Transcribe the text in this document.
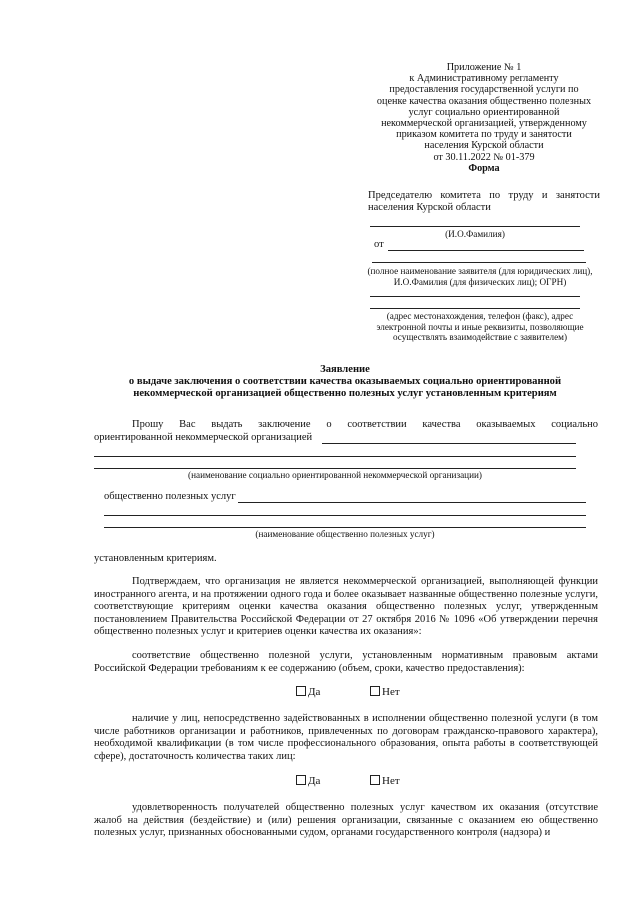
Приложение № 1
к Административному регламенту
предоставления государственной услуги по
оценке качества оказания общественно полезных
услуг социально ориентированной
некоммерческой организацией, утвержденному
приказом комитета по труду и занятости
населения Курской области
от 30.11.2022 № 01-379
Форма
Председателю комитета по труду и занятости населения Курской области
(И.О.Фамилия)
от
(полное наименование заявителя (для юридических лиц), И.О.Фамилия (для физических лиц); ОГРН)
(адрес местонахождения, телефон (факс), адрес электронной почты и иные реквизиты, позволяющие осуществлять взаимодействие с заявителем)
Заявление
о выдаче заключения о соответствии качества оказываемых социально ориентированной
некоммерческой организацией общественно полезных услуг установленным критериям
Прошу Вас выдать заключение о соответствии качества оказываемых социально
ориентированной некоммерческой организацией
(наименование социально ориентированной некоммерческой организации)
общественно полезных услуг
(наименование общественно полезных услуг)
установленным критериям.
Подтверждаем, что организация не является некоммерческой организацией, выполняющей функции иностранного агента, и на протяжении одного года и более оказывает названные общественно полезные услуги, соответствующие критериям оценки качества оказания общественно полезных услуг, утвержденным постановлением Правительства Российской Федерации от 27 октября 2016 № 1096 «Об утверждении перечня общественно полезных услуг и критериев оценки качества их оказания»:
соответствие общественно полезной услуги, установленным нормативным правовым актами Российской Федерации требованиям к ее содержанию (объем, сроки, качество предоставления):
Да	Нет
наличие у лиц, непосредственно задействованных в исполнении общественно полезной услуги (в том числе работников организации и работников, привлеченных по договорам гражданско-правового характера), необходимой квалификации (в том числе профессионального образования, опыта работы в соответствующей сфере), достаточность количества таких лиц:
Да	Нет
удовлетворенность получателей общественно полезных услуг качеством их оказания (отсутствие жалоб на действия (бездействие) и (или) решения организации, связанные с оказанием ею общественно полезных услуг, признанных обоснованными судом, органами государственного контроля (надзора) и
